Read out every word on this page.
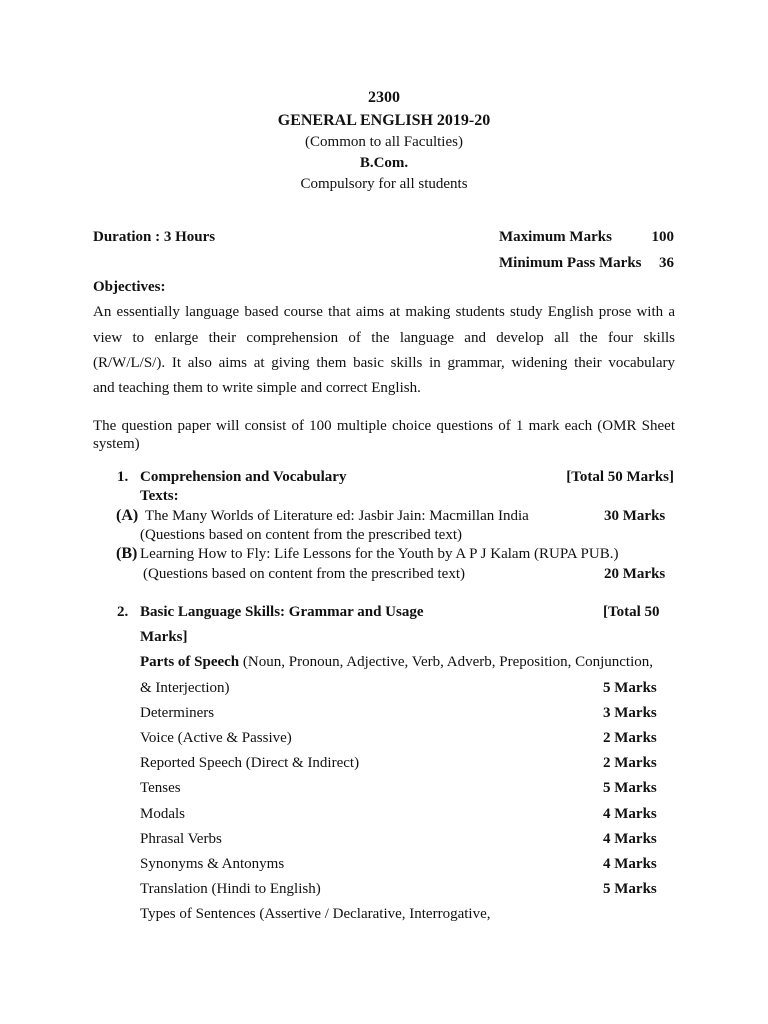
2300
GENERAL ENGLISH 2019-20
(Common to all Faculties)
B.Com.
Compulsory for all students
Duration : 3 Hours	Maximum Marks	100
Minimum Pass Marks	36
Objectives:
An essentially language based course that aims at making students study English prose with a
view to enlarge their comprehension of the language and develop all the four skills
(R/W/L/S/). It also aims at giving them basic skills in grammar, widening their vocabulary
and teaching them to write simple and correct English.
The question paper will consist of 100 multiple choice questions of 1 mark each (OMR Sheet
system)
1. Comprehension and Vocabulary	[Total 50 Marks]
Texts:
(A) The Many Worlds of Literature ed: Jasbir Jain: Macmillan India	30 Marks
(Questions based on content from the prescribed text)
(B) Learning How to Fly: Life Lessons for the Youth by A P J Kalam (RUPA PUB.)
(Questions based on content from the prescribed text)	20 Marks
2. Basic Language Skills: Grammar and Usage	[Total 50
Marks]
Parts of Speech (Noun, Pronoun, Adjective, Verb, Adverb, Preposition, Conjunction,
& Interjection)	5 Marks
Determiners	3 Marks
Voice (Active & Passive)	2 Marks
Reported Speech (Direct & Indirect)	2 Marks
Tenses	5 Marks
Modals	4 Marks
Phrasal Verbs	4 Marks
Synonyms & Antonyms	4 Marks
Translation (Hindi to English)	5 Marks
Types of Sentences (Assertive / Declarative, Interrogative,
